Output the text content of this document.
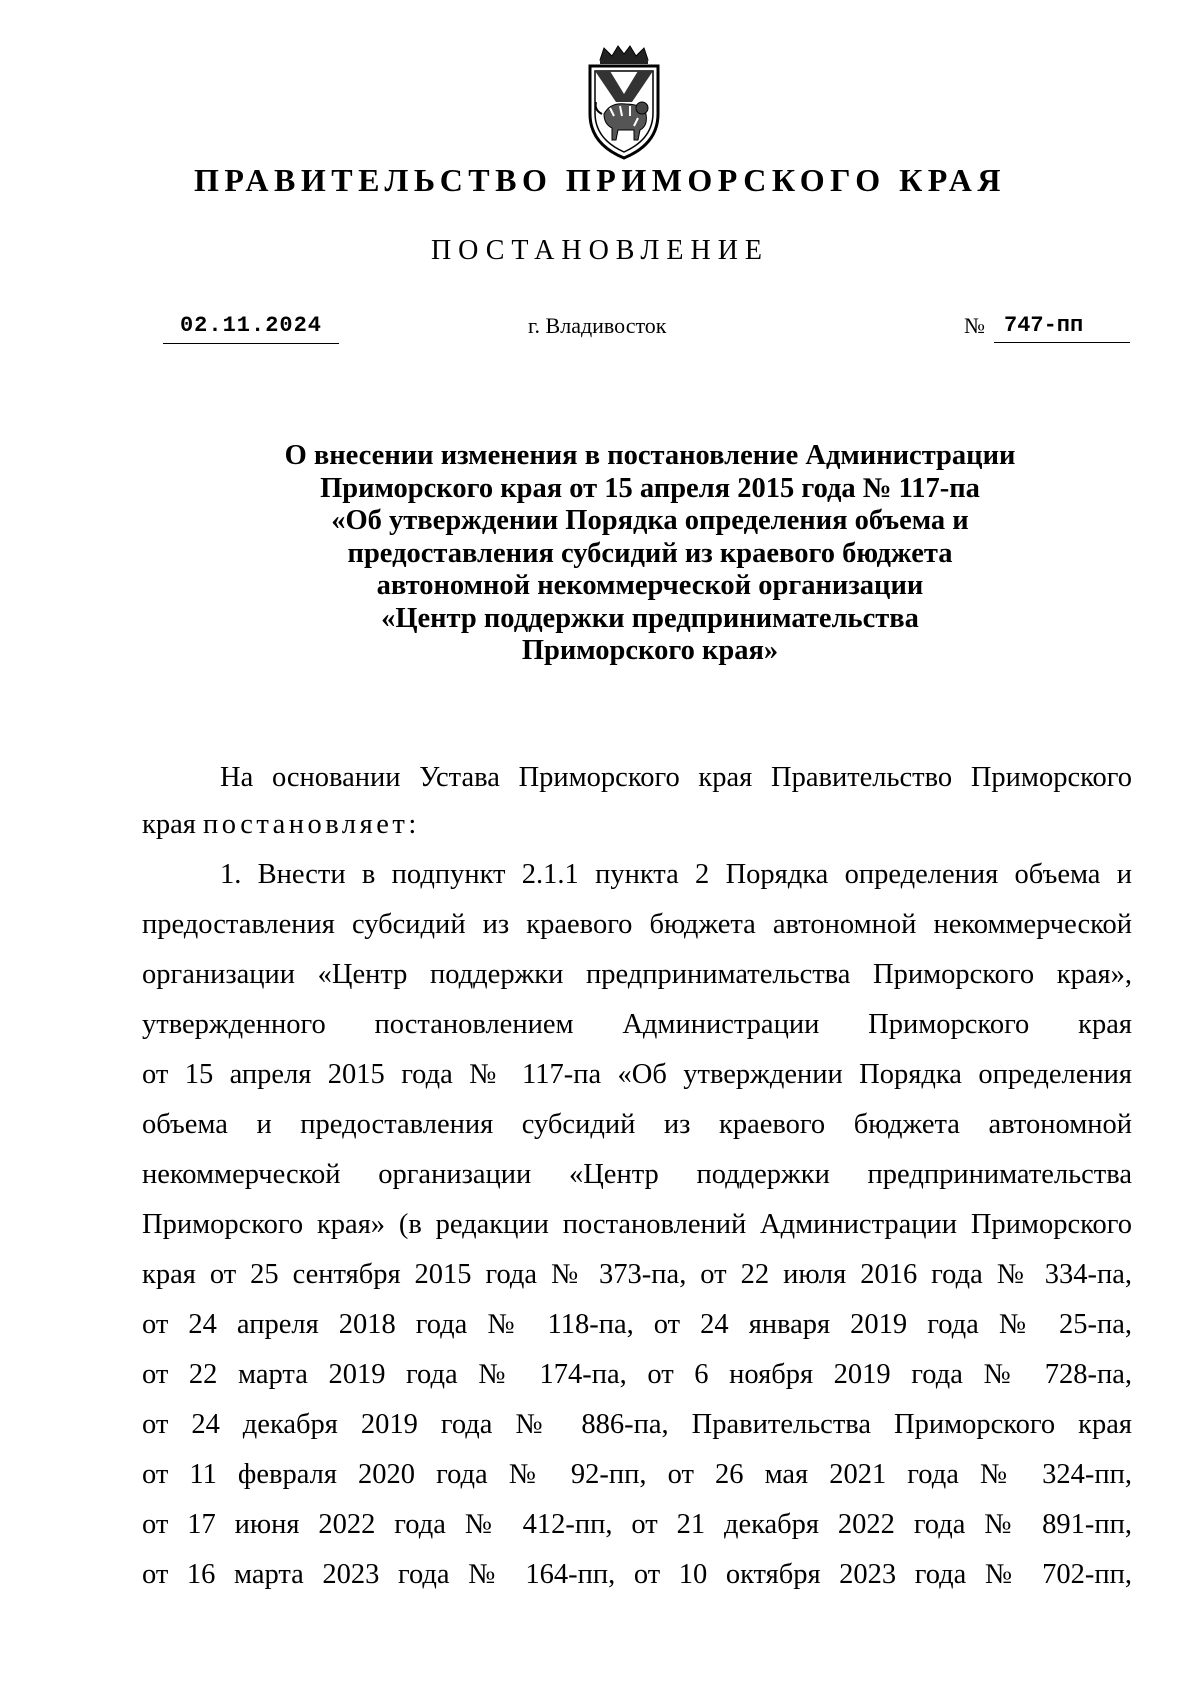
ПРАВИТЕЛЬСТВО ПРИМОРСКОГО КРАЯ
ПОСТАНОВЛЕНИЕ
02.11.2024	г. Владивосток	№ 747-пп
О внесении изменения в постановление Администрации
Приморского края от 15 апреля 2015 года № 117-па
«Об утверждении Порядка определения объема и
предоставления субсидий из краевого бюджета
автономной некоммерческой организации
«Центр поддержки предпринимательства
Приморского края»
На основании Устава Приморского края Правительство Приморского
края постановляет:
1. Внести в подпункт 2.1.1 пункта 2 Порядка определения объема и
предоставления субсидий из краевого бюджета автономной некоммерческой
организации «Центр поддержки предпринимательства Приморского края»,
утвержденного постановлением Администрации Приморского края
от 15 апреля 2015 года № 117-па «Об утверждении Порядка определения
объема и предоставления субсидий из краевого бюджета автономной
некоммерческой организации «Центр поддержки предпринимательства
Приморского края» (в редакции постановлений Администрации Приморского
края от 25 сентября 2015 года № 373-па, от 22 июля 2016 года № 334-па,
от 24 апреля 2018 года № 118-па, от 24 января 2019 года № 25-па,
от 22 марта 2019 года № 174-па, от 6 ноября 2019 года № 728-па,
от 24 декабря 2019 года № 886-па, Правительства Приморского края
от 11 февраля 2020 года № 92-пп, от 26 мая 2021 года № 324-пп,
от 17 июня 2022 года № 412-пп, от 21 декабря 2022 года № 891-пп,
от 16 марта 2023 года № 164-пп, от 10 октября 2023 года № 702-пп,
